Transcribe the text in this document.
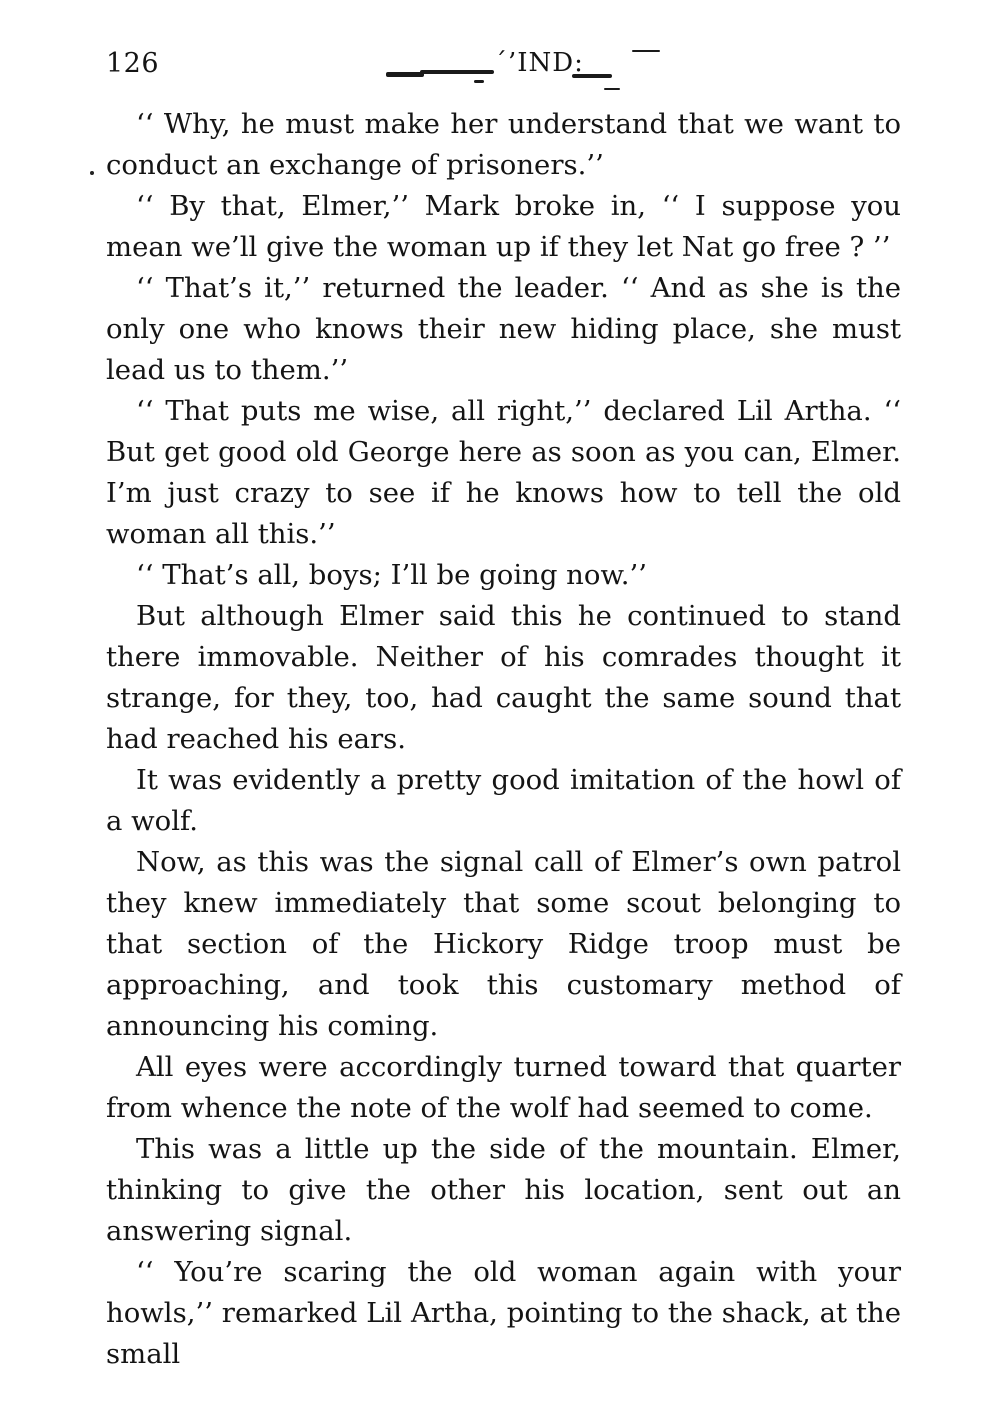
126	´’IND:

‘‘ Why, he must make her understand that we want to conduct an exchange of prisoners.’’

‘‘ By that, Elmer,’’ Mark broke in, ‘‘ I suppose you mean we’ll give the woman up if they let Nat go free ? ’’

‘‘ That’s it,’’ returned the leader. ‘‘ And as she is the only one who knows their new hiding place, she must lead us to them.’’

‘‘ That puts me wise, all right,’’ declared Lil Artha. ‘‘ But get good old George here as soon as you can, Elmer. I’m just crazy to see if he knows how to tell the old woman all this.’’

‘‘ That’s all, boys; I’ll be going now.’’

But although Elmer said this he continued to stand there immovable. Neither of his comrades thought it strange, for they, too, had caught the same sound that had reached his ears.

It was evidently a pretty good imitation of the howl of a wolf.

Now, as this was the signal call of Elmer’s own patrol they knew immediately that some scout belonging to that section of the Hickory Ridge troop must be approaching, and took this customary method of announcing his coming.

All eyes were accordingly turned toward that quarter from whence the note of the wolf had seemed to come.

This was a little up the side of the mountain. Elmer, thinking to give the other his location, sent out an answering signal.

‘‘ You’re scaring the old woman again with your howls,’’ remarked Lil Artha, pointing to the shack, at the small
